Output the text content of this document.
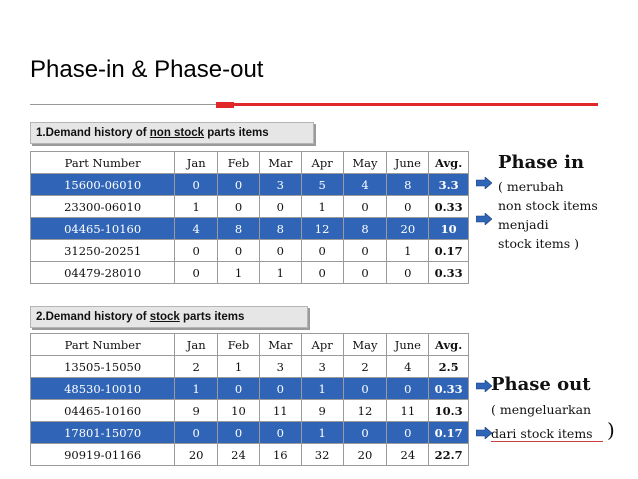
Phase-in & Phase-out
1.Demand history of non stock parts items
Part Number	Jan	Feb	Mar	Apr	May	June	Avg.
15600-06010	0	0	3	5	4	8	3.3
23300-06010	1	0	0	1	0	0	0.33
04465-10160	4	8	8	12	8	20	10
31250-20251	0	0	0	0	0	1	0.17
04479-28010	0	1	1	0	0	0	0.33
2.Demand history of stock parts items
Part Number	Jan	Feb	Mar	Apr	May	June	Avg.
13505-15050	2	1	3	3	2	4	2.5
48530-10010	1	0	0	1	0	0	0.33
04465-10160	9	10	11	9	12	11	10.3
17801-15070	0	0	0	1	0	0	0.17
90919-01166	20	24	16	32	20	24	22.7
Phase in
( merubah
non stock items
menjadi
stock items )
Phase out
( mengeluarkan
dari stock items )
